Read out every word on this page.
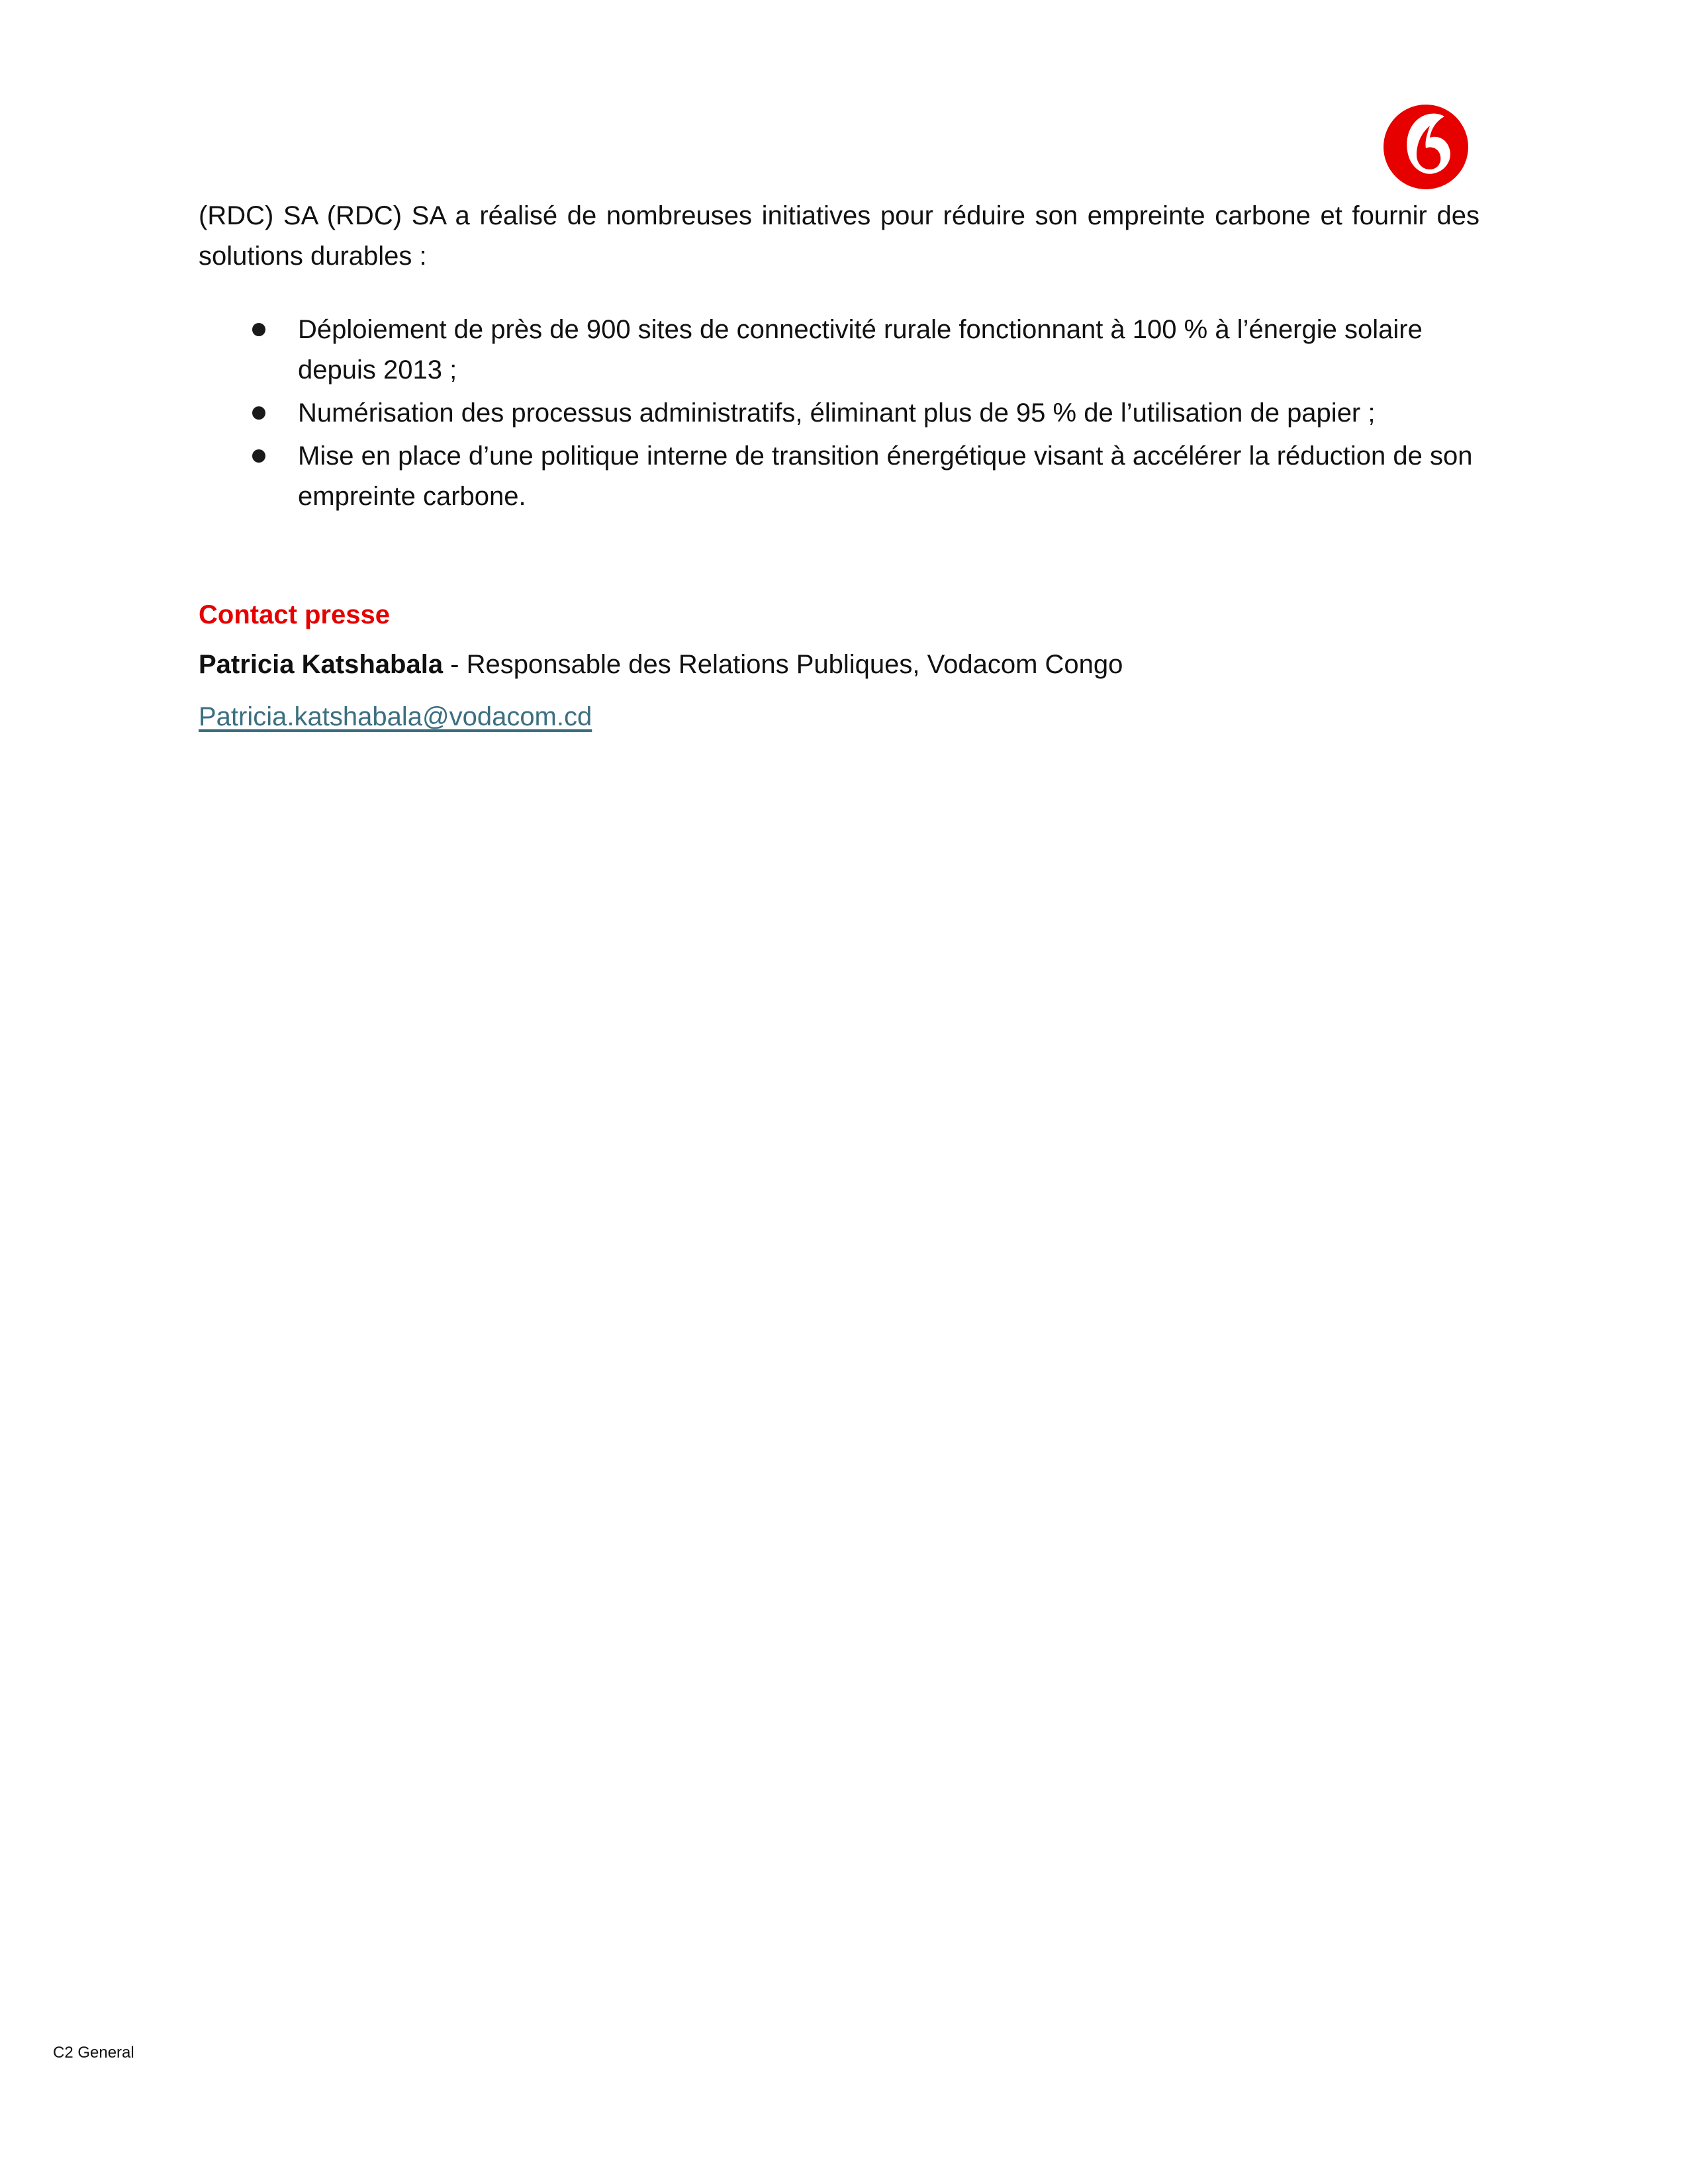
(RDC) SA (RDC) SA a réalisé de nombreuses initiatives pour réduire son empreinte carbone et fournir des solutions durables :

Déploiement de près de 900 sites de connectivité rurale fonctionnant à 100 % à l’énergie solaire depuis 2013 ;
Numérisation des processus administratifs, éliminant plus de 95 % de l’utilisation de papier ;
Mise en place d’une politique interne de transition énergétique visant à accélérer la réduction de son empreinte carbone.

Contact presse

Patricia Katshabala - Responsable des Relations Publiques, Vodacom Congo

Patricia.katshabala@vodacom.cd
C2 General
